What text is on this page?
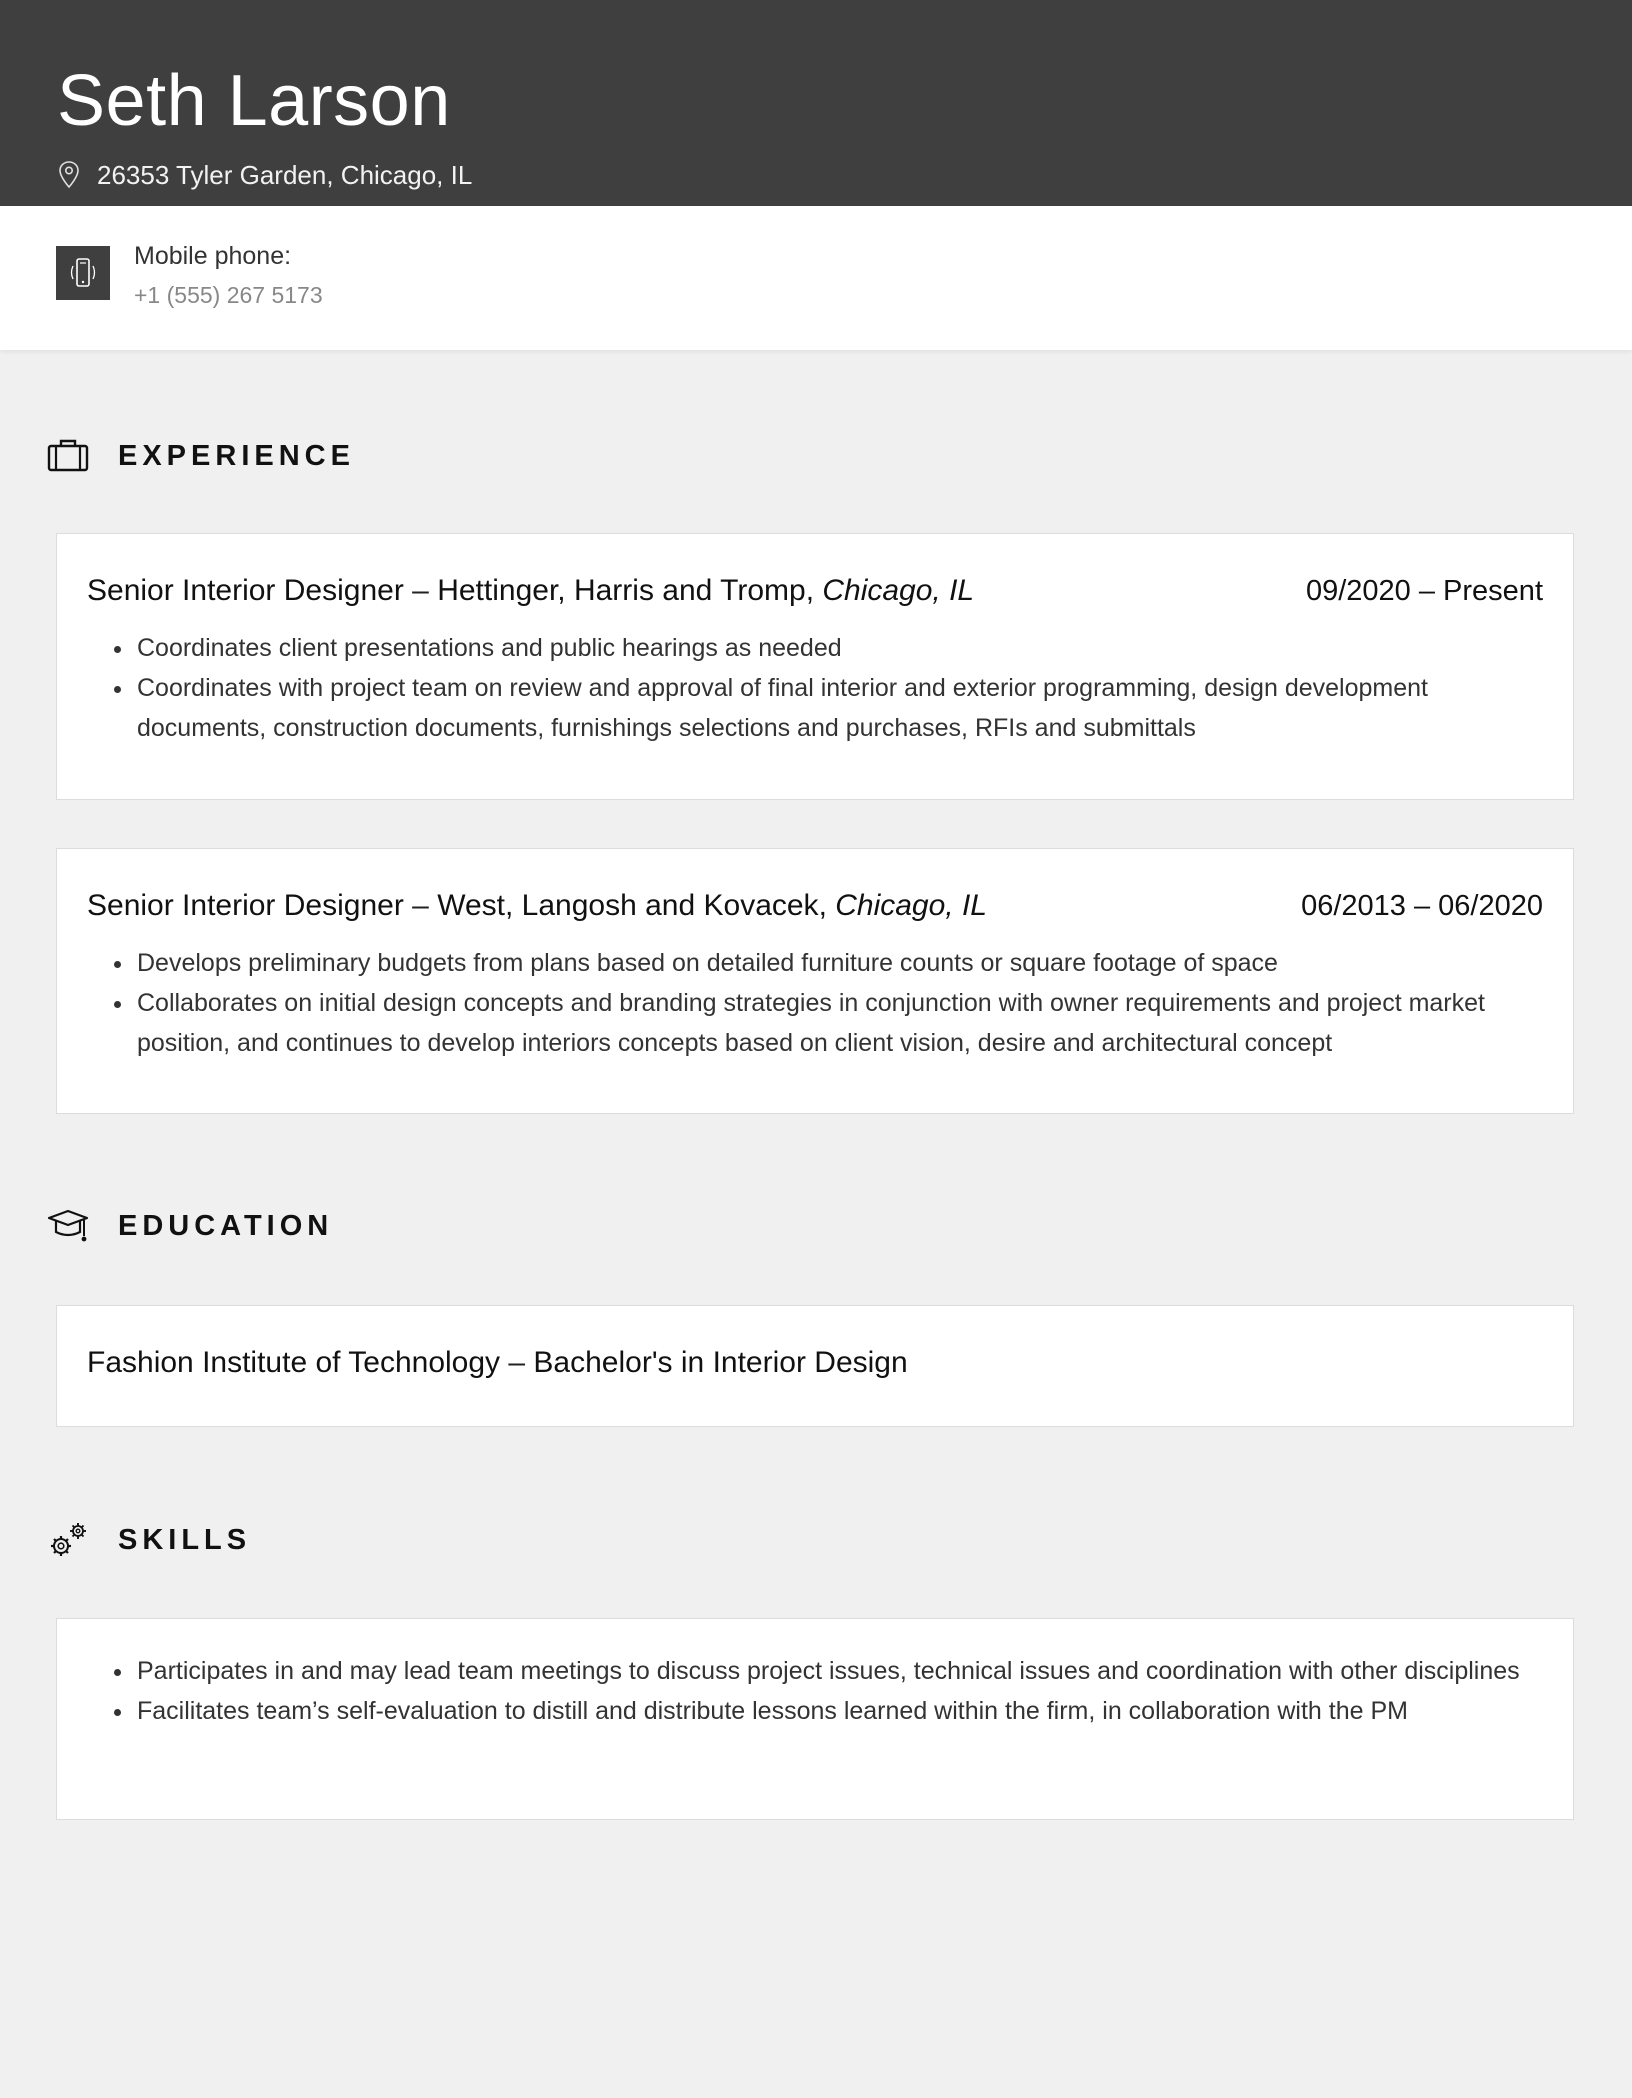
Seth Larson
26353 Tyler Garden, Chicago, IL
Mobile phone:
+1 (555) 267 5173
EXPERIENCE
Senior Interior Designer – Hettinger, Harris and Tromp, Chicago, IL	09/2020 – Present
• Coordinates client presentations and public hearings as needed
• Coordinates with project team on review and approval of final interior and exterior programming, design development documents, construction documents, furnishings selections and purchases, RFIs and submittals
Senior Interior Designer – West, Langosh and Kovacek, Chicago, IL	06/2013 – 06/2020
• Develops preliminary budgets from plans based on detailed furniture counts or square footage of space
• Collaborates on initial design concepts and branding strategies in conjunction with owner requirements and project market position, and continues to develop interiors concepts based on client vision, desire and architectural concept
EDUCATION
Fashion Institute of Technology – Bachelor's in Interior Design
SKILLS
• Participates in and may lead team meetings to discuss project issues, technical issues and coordination with other disciplines
• Facilitates team’s self-evaluation to distill and distribute lessons learned within the firm, in collaboration with the PM
